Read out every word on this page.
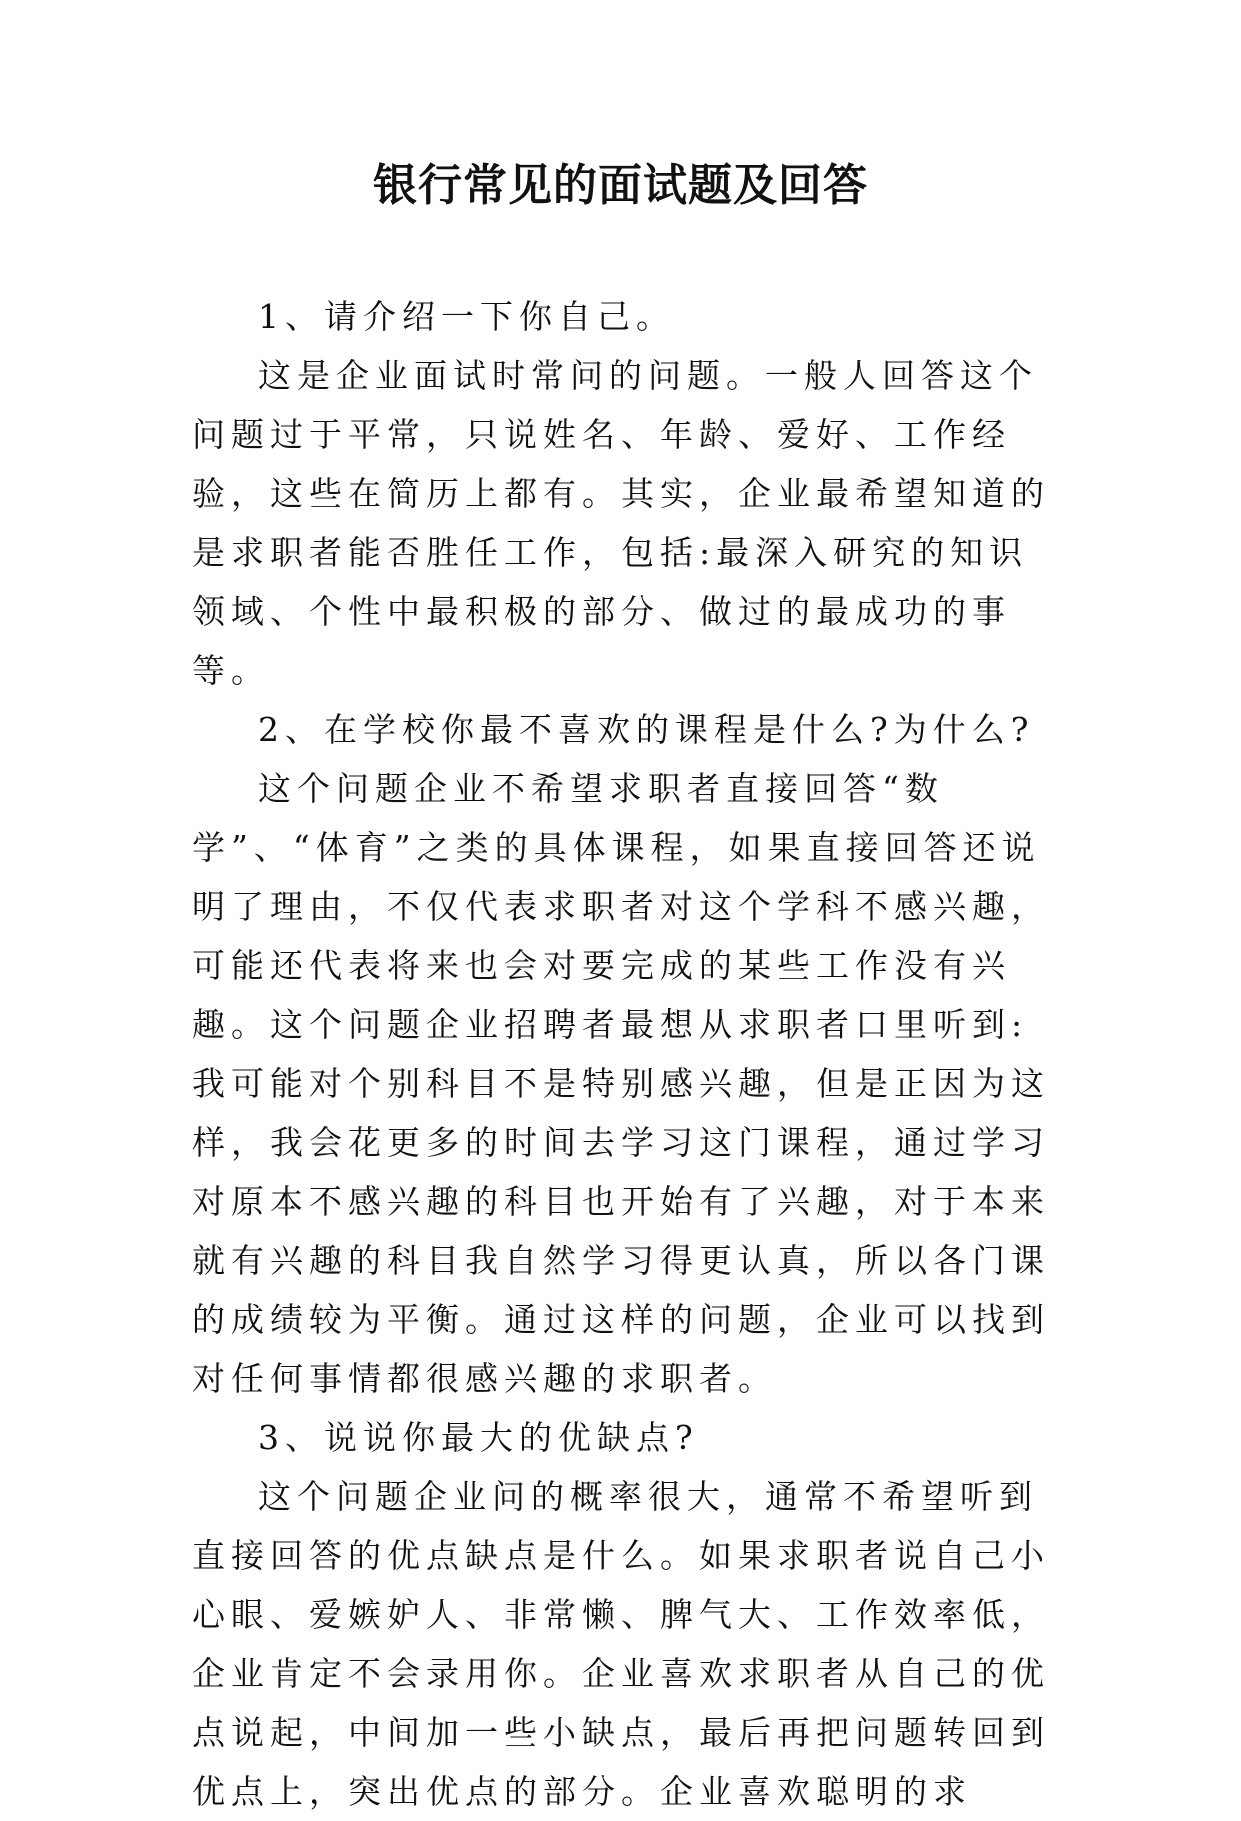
银行常见的面试题及回答

1、请介绍一下你自己。

这是企业面试时常问的问题。一般人回答这个问题过于平常，只说姓名、年龄、爱好、工作经验，这些在简历上都有。其实，企业最希望知道的是求职者能否胜任工作，包括:最深入研究的知识领域、个性中最积极的部分、做过的最成功的事等。

2、在学校你最不喜欢的课程是什么?为什么?

这个问题企业不希望求职者直接回答“数学”、“体育”之类的具体课程，如果直接回答还说明了理由，不仅代表求职者对这个学科不感兴趣，可能还代表将来也会对要完成的某些工作没有兴趣。这个问题企业招聘者最想从求职者口里听到:我可能对个别科目不是特别感兴趣，但是正因为这样，我会花更多的时间去学习这门课程，通过学习对原本不感兴趣的科目也开始有了兴趣，对于本来就有兴趣的科目我自然学习得更认真，所以各门课的成绩较为平衡。通过这样的问题，企业可以找到对任何事情都很感兴趣的求职者。

3、说说你最大的优缺点?

这个问题企业问的概率很大，通常不希望听到直接回答的优点缺点是什么。如果求职者说自己小心眼、爱嫉妒人、非常懒、脾气大、工作效率低，企业肯定不会录用你。企业喜欢求职者从自己的优点说起，中间加一些小缺点，最后再把问题转回到优点上，突出优点的部分。企业喜欢聪明的求
